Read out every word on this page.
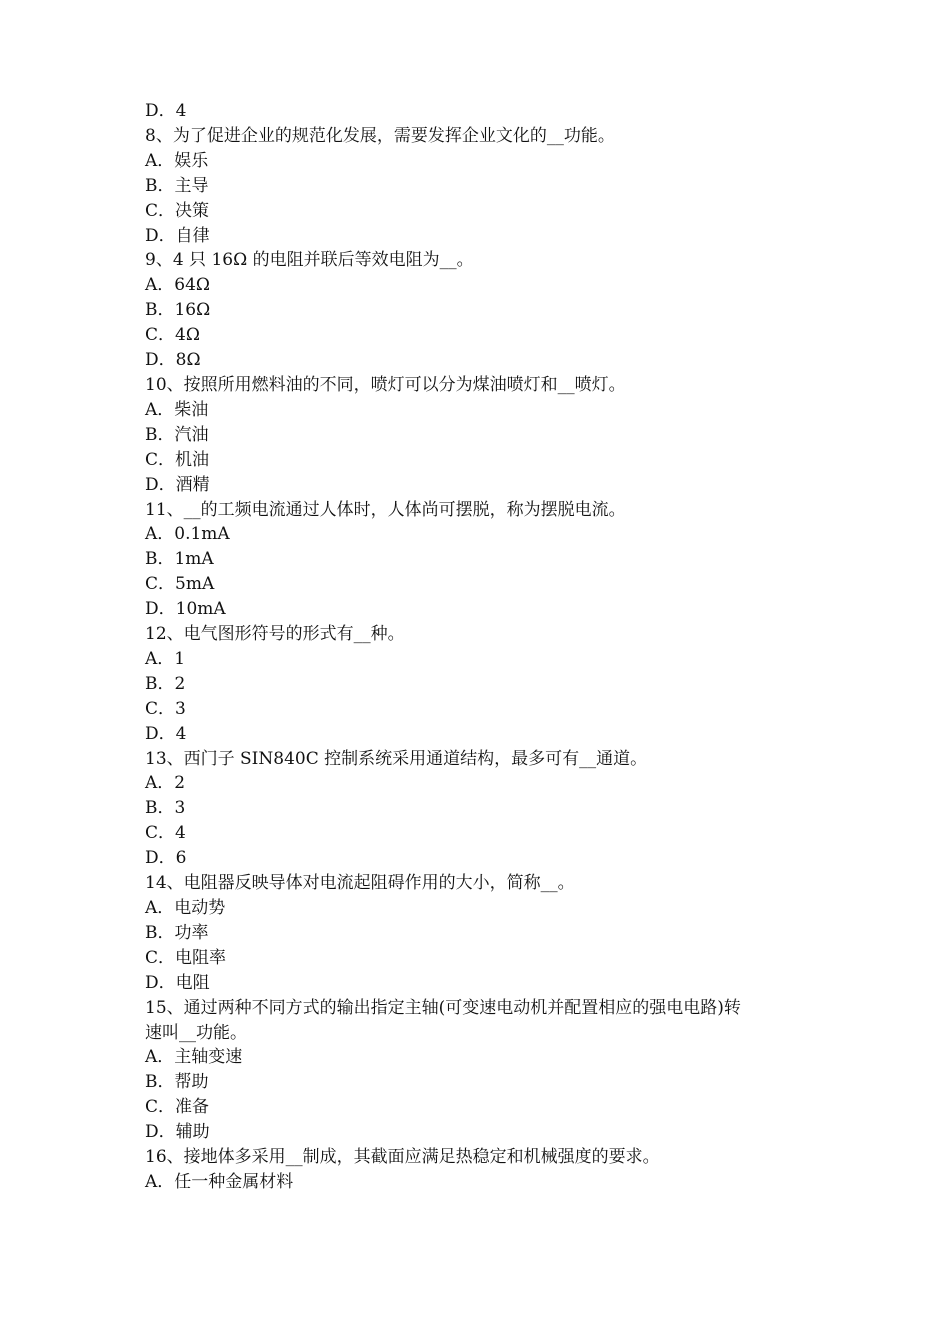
D．4
8、为了促进企业的规范化发展，需要发挥企业文化的__功能。
A．娱乐
B．主导
C．决策
D．自律
9、4 只 16Ω 的电阻并联后等效电阻为__。
A．64Ω
B．16Ω
C．4Ω
D．8Ω
10、按照所用燃料油的不同，喷灯可以分为煤油喷灯和__喷灯。
A．柴油
B．汽油
C．机油
D．酒精
11、__的工频电流通过人体时，人体尚可摆脱，称为摆脱电流。
A．0.1mA
B．1mA
C．5mA
D．10mA
12、电气图形符号的形式有__种。
A．1
B．2
C．3
D．4
13、西门子 SIN840C 控制系统采用通道结构，最多可有__通道。
A．2
B．3
C．4
D．6
14、电阻器反映导体对电流起阻碍作用的大小，简称__。
A．电动势
B．功率
C．电阻率
D．电阻
15、通过两种不同方式的输出指定主轴(可变速电动机并配置相应的强电电路)转
速叫__功能。
A．主轴变速
B．帮助
C．准备
D．辅助
16、接地体多采用__制成，其截面应满足热稳定和机械强度的要求。
A．任一种金属材料
